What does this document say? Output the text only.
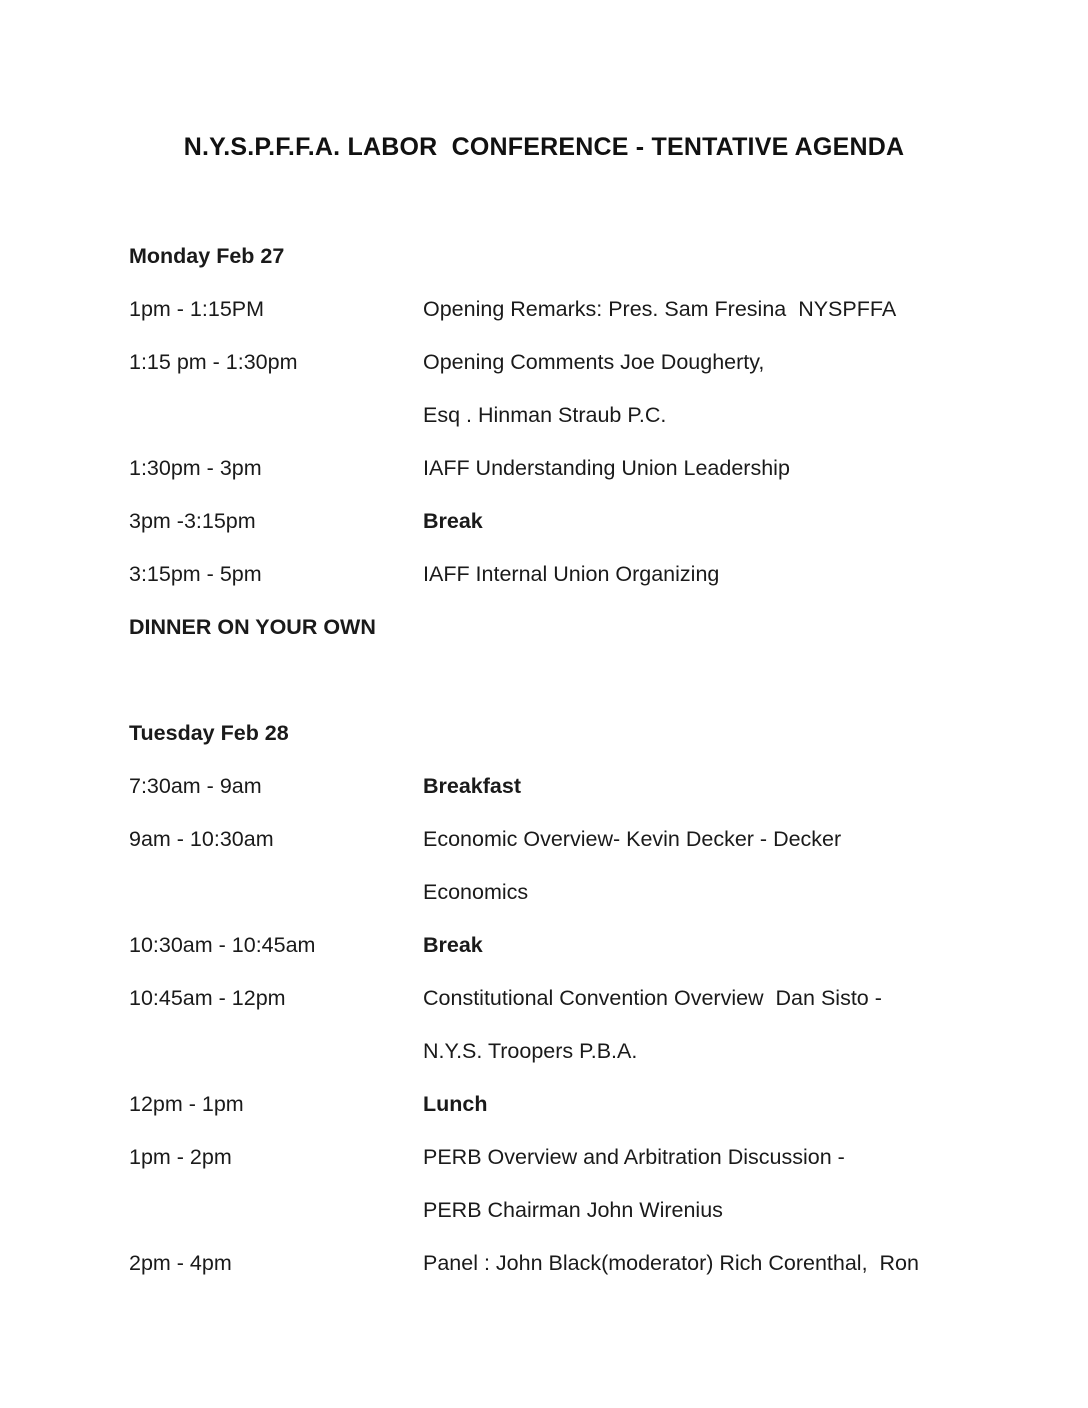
N.Y.S.P.F.F.A. LABOR  CONFERENCE - TENTATIVE AGENDA
Monday Feb 27
1pm - 1:15PM	Opening Remarks: Pres. Sam Fresina  NYSPFFA
1:15 pm - 1:30pm	Opening Comments Joe Dougherty,
Esq . Hinman Straub P.C.
1:30pm - 3pm	IAFF Understanding Union Leadership
3pm -3:15pm	Break
3:15pm - 5pm	IAFF Internal Union Organizing
DINNER ON YOUR OWN
Tuesday Feb 28
7:30am - 9am	Breakfast
9am - 10:30am	Economic Overview- Kevin Decker - Decker
Economics
10:30am - 10:45am	Break
10:45am - 12pm	Constitutional Convention Overview  Dan Sisto -
N.Y.S. Troopers P.B.A.
12pm - 1pm	Lunch
1pm - 2pm	PERB Overview and Arbitration Discussion -
PERB Chairman John Wirenius
2pm - 4pm	Panel : John Black(moderator) Rich Corenthal,  Ron
